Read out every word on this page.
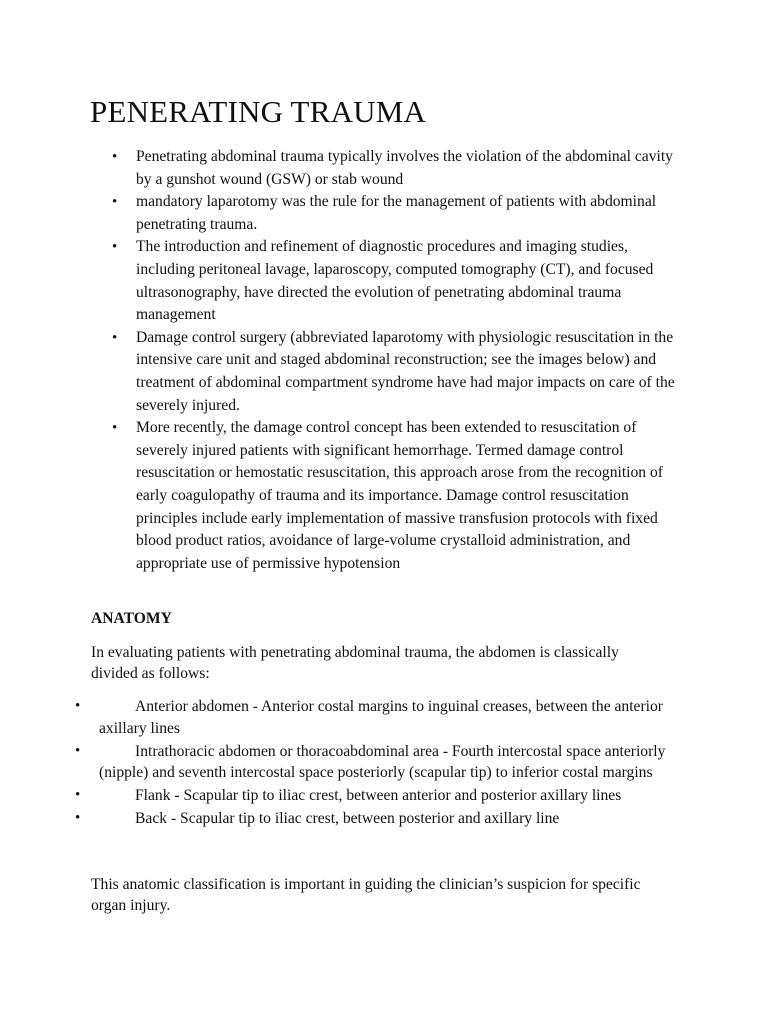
PENERATING TRAUMA
• Penetrating abdominal trauma typically involves the violation of the abdominal cavity by a gunshot wound (GSW) or stab wound
• mandatory laparotomy was the rule for the management of patients with abdominal penetrating trauma.
• The introduction and refinement of diagnostic procedures and imaging studies, including peritoneal lavage, laparoscopy, computed tomography (CT), and focused ultrasonography, have directed the evolution of penetrating abdominal trauma management
• Damage control surgery (abbreviated laparotomy with physiologic resuscitation in the intensive care unit and staged abdominal reconstruction; see the images below) and treatment of abdominal compartment syndrome have had major impacts on care of the severely injured.
• More recently, the damage control concept has been extended to resuscitation of severely injured patients with significant hemorrhage. Termed damage control resuscitation or hemostatic resuscitation, this approach arose from the recognition of early coagulopathy of trauma and its importance. Damage control resuscitation principles include early implementation of massive transfusion protocols with fixed blood product ratios, avoidance of large-volume crystalloid administration, and appropriate use of permissive hypotension
ANATOMY

In evaluating patients with penetrating abdominal trauma, the abdomen is classically divided as follows:

• Anterior abdomen - Anterior costal margins to inguinal creases, between the anterior axillary lines
• Intrathoracic abdomen or thoracoabdominal area - Fourth intercostal space anteriorly (nipple) and seventh intercostal space posteriorly (scapular tip) to inferior costal margins
• Flank - Scapular tip to iliac crest, between anterior and posterior axillary lines
• Back - Scapular tip to iliac crest, between posterior and axillary line

This anatomic classification is important in guiding the clinician’s suspicion for specific organ injury.
